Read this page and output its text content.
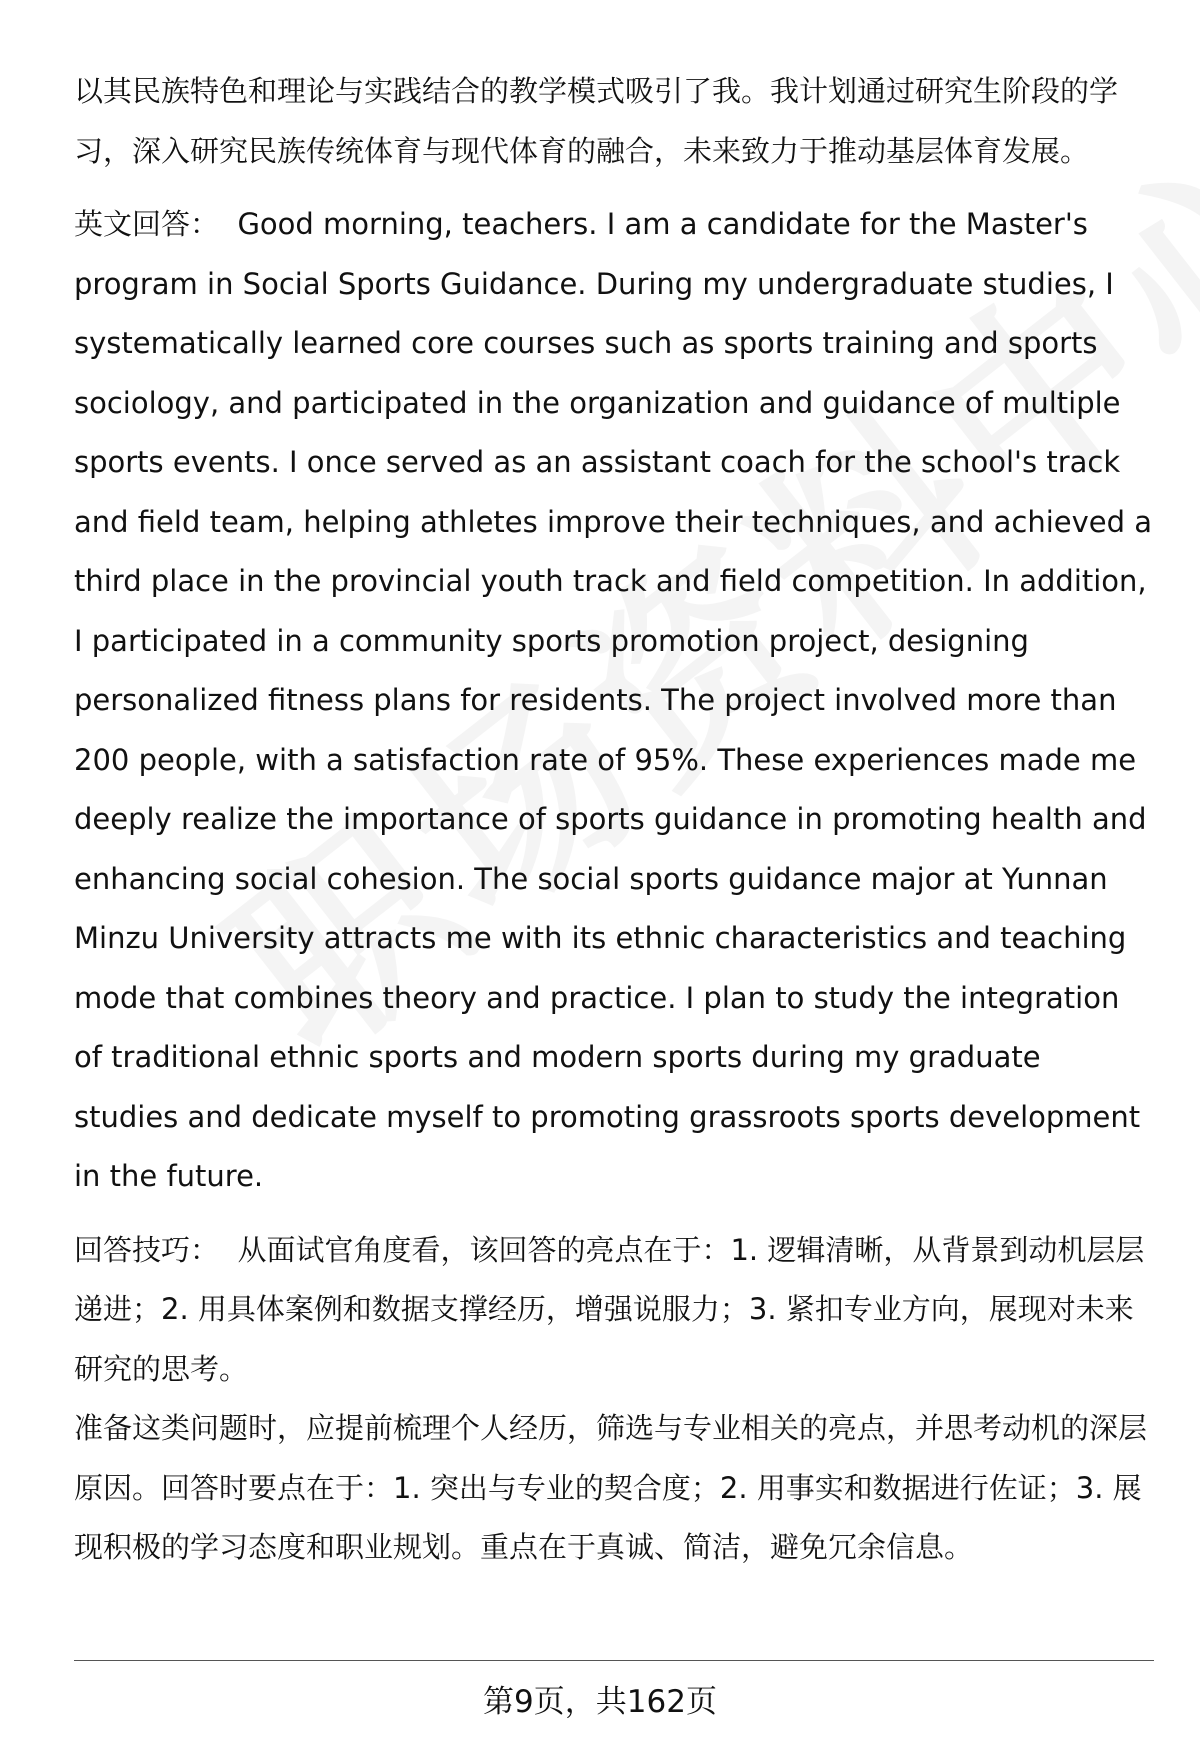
以其民族特色和理论与实践结合的教学模式吸引了我。我计划通过研究生阶段的学习，深入研究民族传统体育与现代体育的融合，未来致力于推动基层体育发展。

英文回答： Good morning, teachers. I am a candidate for the Master's program in Social Sports Guidance. During my undergraduate studies, I systematically learned core courses such as sports training and sports sociology, and participated in the organization and guidance of multiple sports events. I once served as an assistant coach for the school's track and field team, helping athletes improve their techniques, and achieved a third place in the provincial youth track and field competition. In addition, I participated in a community sports promotion project, designing personalized fitness plans for residents. The project involved more than 200 people, with a satisfaction rate of 95%. These experiences made me deeply realize the importance of sports guidance in promoting health and enhancing social cohesion. The social sports guidance major at Yunnan Minzu University attracts me with its ethnic characteristics and teaching mode that combines theory and practice. I plan to study the integration of traditional ethnic sports and modern sports during my graduate studies and dedicate myself to promoting grassroots sports development in the future.

回答技巧： 从面试官角度看，该回答的亮点在于：1. 逻辑清晰，从背景到动机层层递进；2. 用具体案例和数据支撑经历，增强说服力；3. 紧扣专业方向，展现对未来研究的思考。

准备这类问题时，应提前梳理个人经历，筛选与专业相关的亮点，并思考动机的深层原因。回答时要点在于：1. 突出与专业的契合度；2. 用事实和数据进行佐证；3. 展现积极的学习态度和职业规划。重点在于真诚、简洁，避免冗余信息。

第9页，共162页
